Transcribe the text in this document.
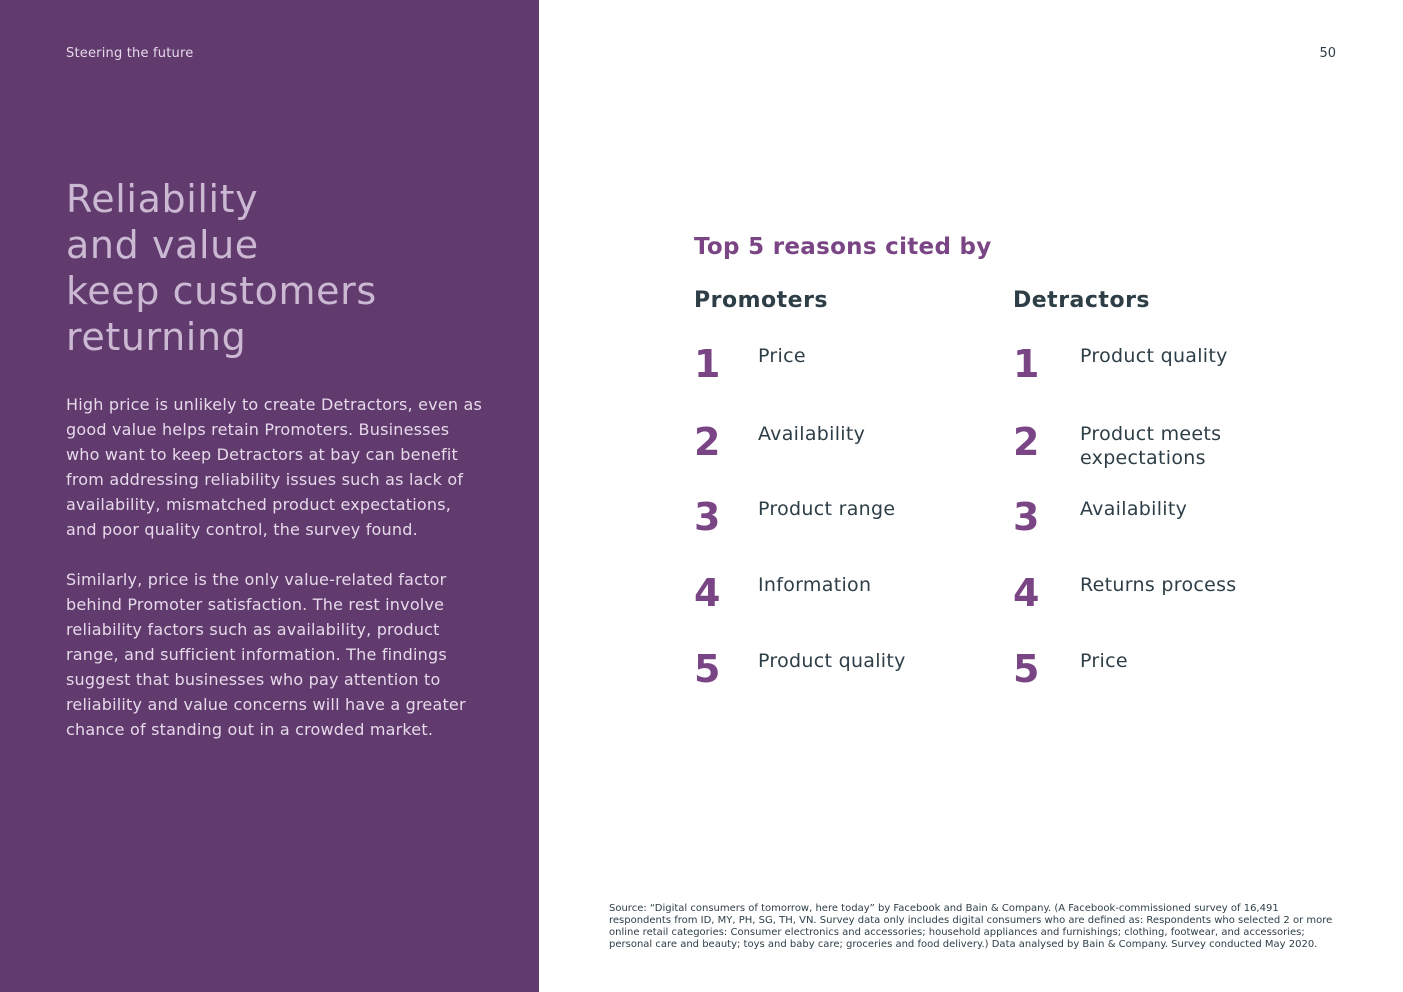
Steering the future
Reliability
and value
keep customers
returning

High price is unlikely to create Detractors, even as good value helps retain Promoters. Businesses who want to keep Detractors at bay can benefit from addressing reliability issues such as lack of availability, mismatched product expectations, and poor quality control, the survey found.

Similarly, price is the only value-related factor behind Promoter satisfaction. The rest involve reliability factors such as availability, product range, and sufficient information. The findings suggest that businesses who pay attention to reliability and value concerns will have a greater chance of standing out in a crowded market.

50
Top 5 reasons cited by
Promoters
1 Price
2 Availability
3 Product range
4 Information
5 Product quality
Detractors
1 Product quality
2 Product meets expectations
3 Availability
4 Returns process
5 Price
Source: “Digital consumers of tomorrow, here today” by Facebook and Bain & Company. (A Facebook-commissioned survey of 16,491 respondents from ID, MY, PH, SG, TH, VN. Survey data only includes digital consumers who are defined as: Respondents who selected 2 or more online retail categories: Consumer electronics and accessories; household appliances and furnishings; clothing, footwear, and accessories; personal care and beauty; toys and baby care; groceries and food delivery.) Data analysed by Bain & Company. Survey conducted May 2020.
